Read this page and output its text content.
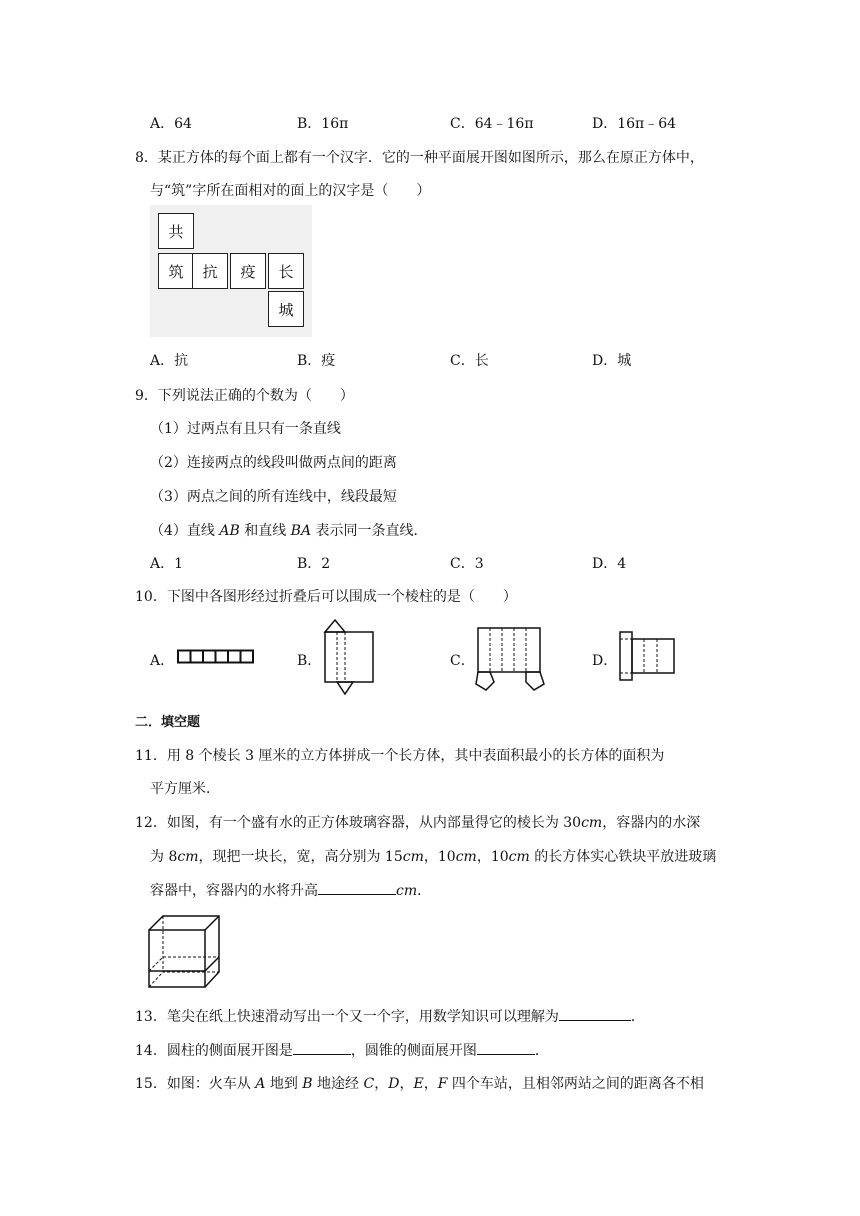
A．64	B．16π	C．64﹣16π	D．16π﹣64
8．某正方体的每个面上都有一个汉字．它的一种平面展开图如图所示，那么在原正方体中，
与“筑”字所在面相对的面上的汉字是（　　）
共
筑	抗	疫	长
城
A．抗	B．疫	C．长	D．城
9．下列说法正确的个数为（　　）
（1）过两点有且只有一条直线
（2）连接两点的线段叫做两点间的距离
（3）两点之间的所有连线中，线段最短
（4）直线 AB 和直线 BA 表示同一条直线．
A．1	B．2	C．3	D．4
10．下图中各图形经过折叠后可以围成一个棱柱的是（　　）
A．	B．	C．	D．
二．填空题
11．用 8 个棱长 3 厘米的立方体拼成一个长方体，其中表面积最小的长方体的面积为
平方厘米．
12．如图，有一个盛有水的正方体玻璃容器，从内部量得它的棱长为 30cm，容器内的水深
为 8cm，现把一块长，宽，高分别为 15cm，10cm，10cm 的长方体实心铁块平放进玻璃
容器中，容器内的水将升高	cm．
13．笔尖在纸上快速滑动写出一个又一个字，用数学知识可以理解为	．
14．圆柱的侧面展开图是	，圆锥的侧面展开图	．
15．如图：火车从 A 地到 B 地途经 C，D，E，F 四个车站，且相邻两站之间的距离各不相
